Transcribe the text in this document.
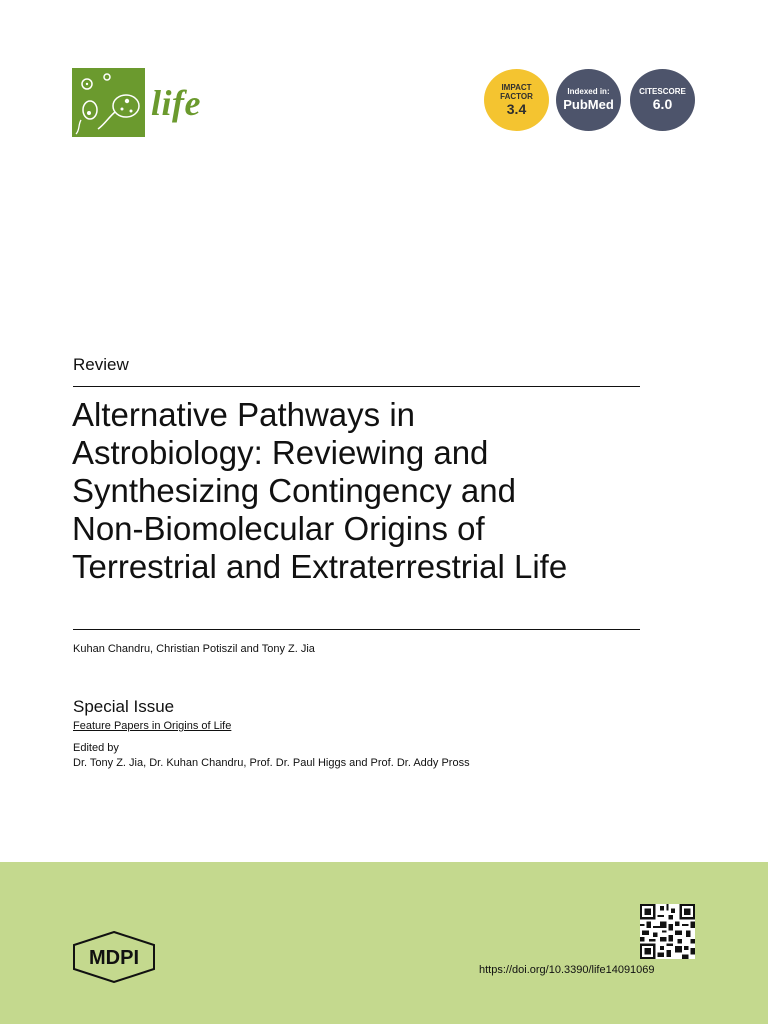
life	IMPACT
FACTOR
3.4
Indexed in:
PubMed
CITESCORE
6.0
Review
Alternative Pathways in
Astrobiology: Reviewing and
Synthesizing Contingency and
Non-Biomolecular Origins of
Terrestrial and Extraterrestrial Life
Kuhan Chandru, Christian Potiszil and Tony Z. Jia
Special Issue
Feature Papers in Origins of Life
Edited by
Dr. Tony Z. Jia, Dr. Kuhan Chandru, Prof. Dr. Paul Higgs and Prof. Dr. Addy Pross
MDPI
https://doi.org/10.3390/life14091069
